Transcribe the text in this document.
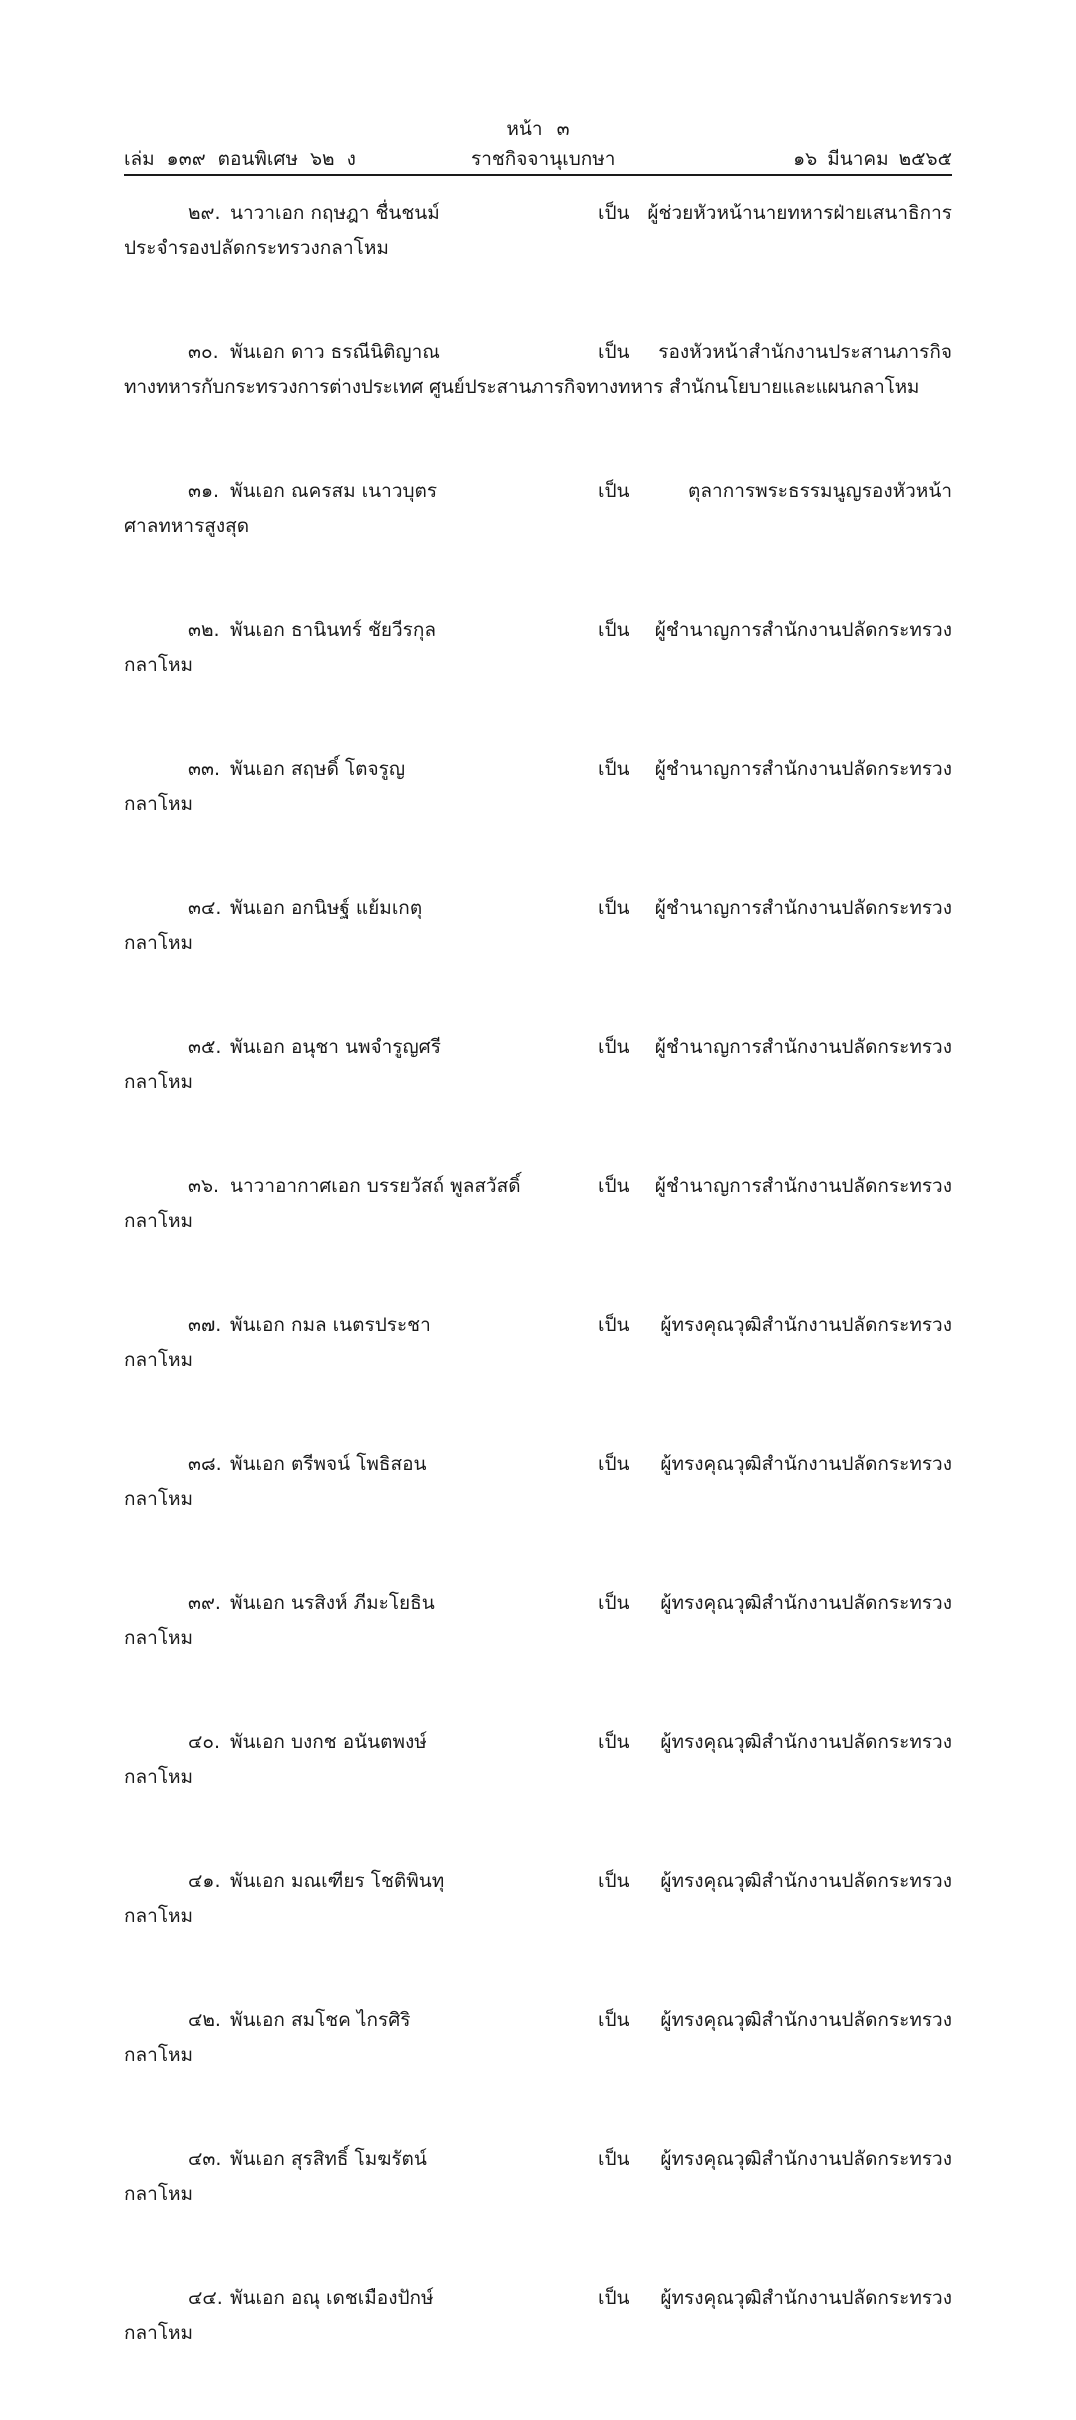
หน้า ๓
เล่ม ๑๓๙ ตอนพิเศษ ๖๒ ง	ราชกิจจานุเบกษา	๑๖ มีนาคม ๒๕๖๕
๒๙. นาวาเอก กฤษฎา ชื่นชนม์	เป็น ผู้ช่วยหัวหน้านายทหารฝ่ายเสนาธิการ
ประจำรองปลัดกระทรวงกลาโหม
๓๐. พันเอก ดาว ธรณีนิติญาณ	เป็น รองหัวหน้าสำนักงานประสานภารกิจ
ทางทหารกับกระทรวงการต่างประเทศ ศูนย์ประสานภารกิจทางทหาร สำนักนโยบายและแผนกลาโหม
๓๑. พันเอก ณครสม เนาวบุตร	เป็น	ตุลาการพระธรรมนูญรองหัวหน้า
ศาลทหารสูงสุด
๓๒. พันเอก ธานินทร์ ชัยวีรกุล	เป็น ผู้ชำนาญการสำนักงานปลัดกระทรวง
กลาโหม
๓๓. พันเอก สฤษดิ์ โตจรูญ	เป็น ผู้ชำนาญการสำนักงานปลัดกระทรวง
กลาโหม
๓๔. พันเอก อกนิษฐ์ แย้มเกตุ	เป็น ผู้ชำนาญการสำนักงานปลัดกระทรวง
กลาโหม
๓๕. พันเอก อนุชา นพจำรูญศรี	เป็น ผู้ชำนาญการสำนักงานปลัดกระทรวง
กลาโหม
๓๖. นาวาอากาศเอก บรรยวัสถ์ พูลสวัสดิ์	เป็น ผู้ชำนาญการสำนักงานปลัดกระทรวง
กลาโหม
๓๗. พันเอก กมล เนตรประชา	เป็น ผู้ทรงคุณวุฒิสำนักงานปลัดกระทรวง
กลาโหม
๓๘. พันเอก ตรีพจน์ โพธิสอน	เป็น ผู้ทรงคุณวุฒิสำนักงานปลัดกระทรวง
กลาโหม
๓๙. พันเอก นรสิงห์ ภีมะโยธิน	เป็น ผู้ทรงคุณวุฒิสำนักงานปลัดกระทรวง
กลาโหม
๔๐. พันเอก บงกช อนันตพงษ์	เป็น ผู้ทรงคุณวุฒิสำนักงานปลัดกระทรวง
กลาโหม
๔๑. พันเอก มณเฑียร โชติพินทุ	เป็น ผู้ทรงคุณวุฒิสำนักงานปลัดกระทรวง
กลาโหม
๔๒. พันเอก สมโชค ไกรศิริ	เป็น ผู้ทรงคุณวุฒิสำนักงานปลัดกระทรวง
กลาโหม
๔๓. พันเอก สุรสิทธิ์ โมฆรัตน์	เป็น ผู้ทรงคุณวุฒิสำนักงานปลัดกระทรวง
กลาโหม
๔๔. พันเอก อณุ เดชเมืองปักษ์	เป็น ผู้ทรงคุณวุฒิสำนักงานปลัดกระทรวง
กลาโหม
